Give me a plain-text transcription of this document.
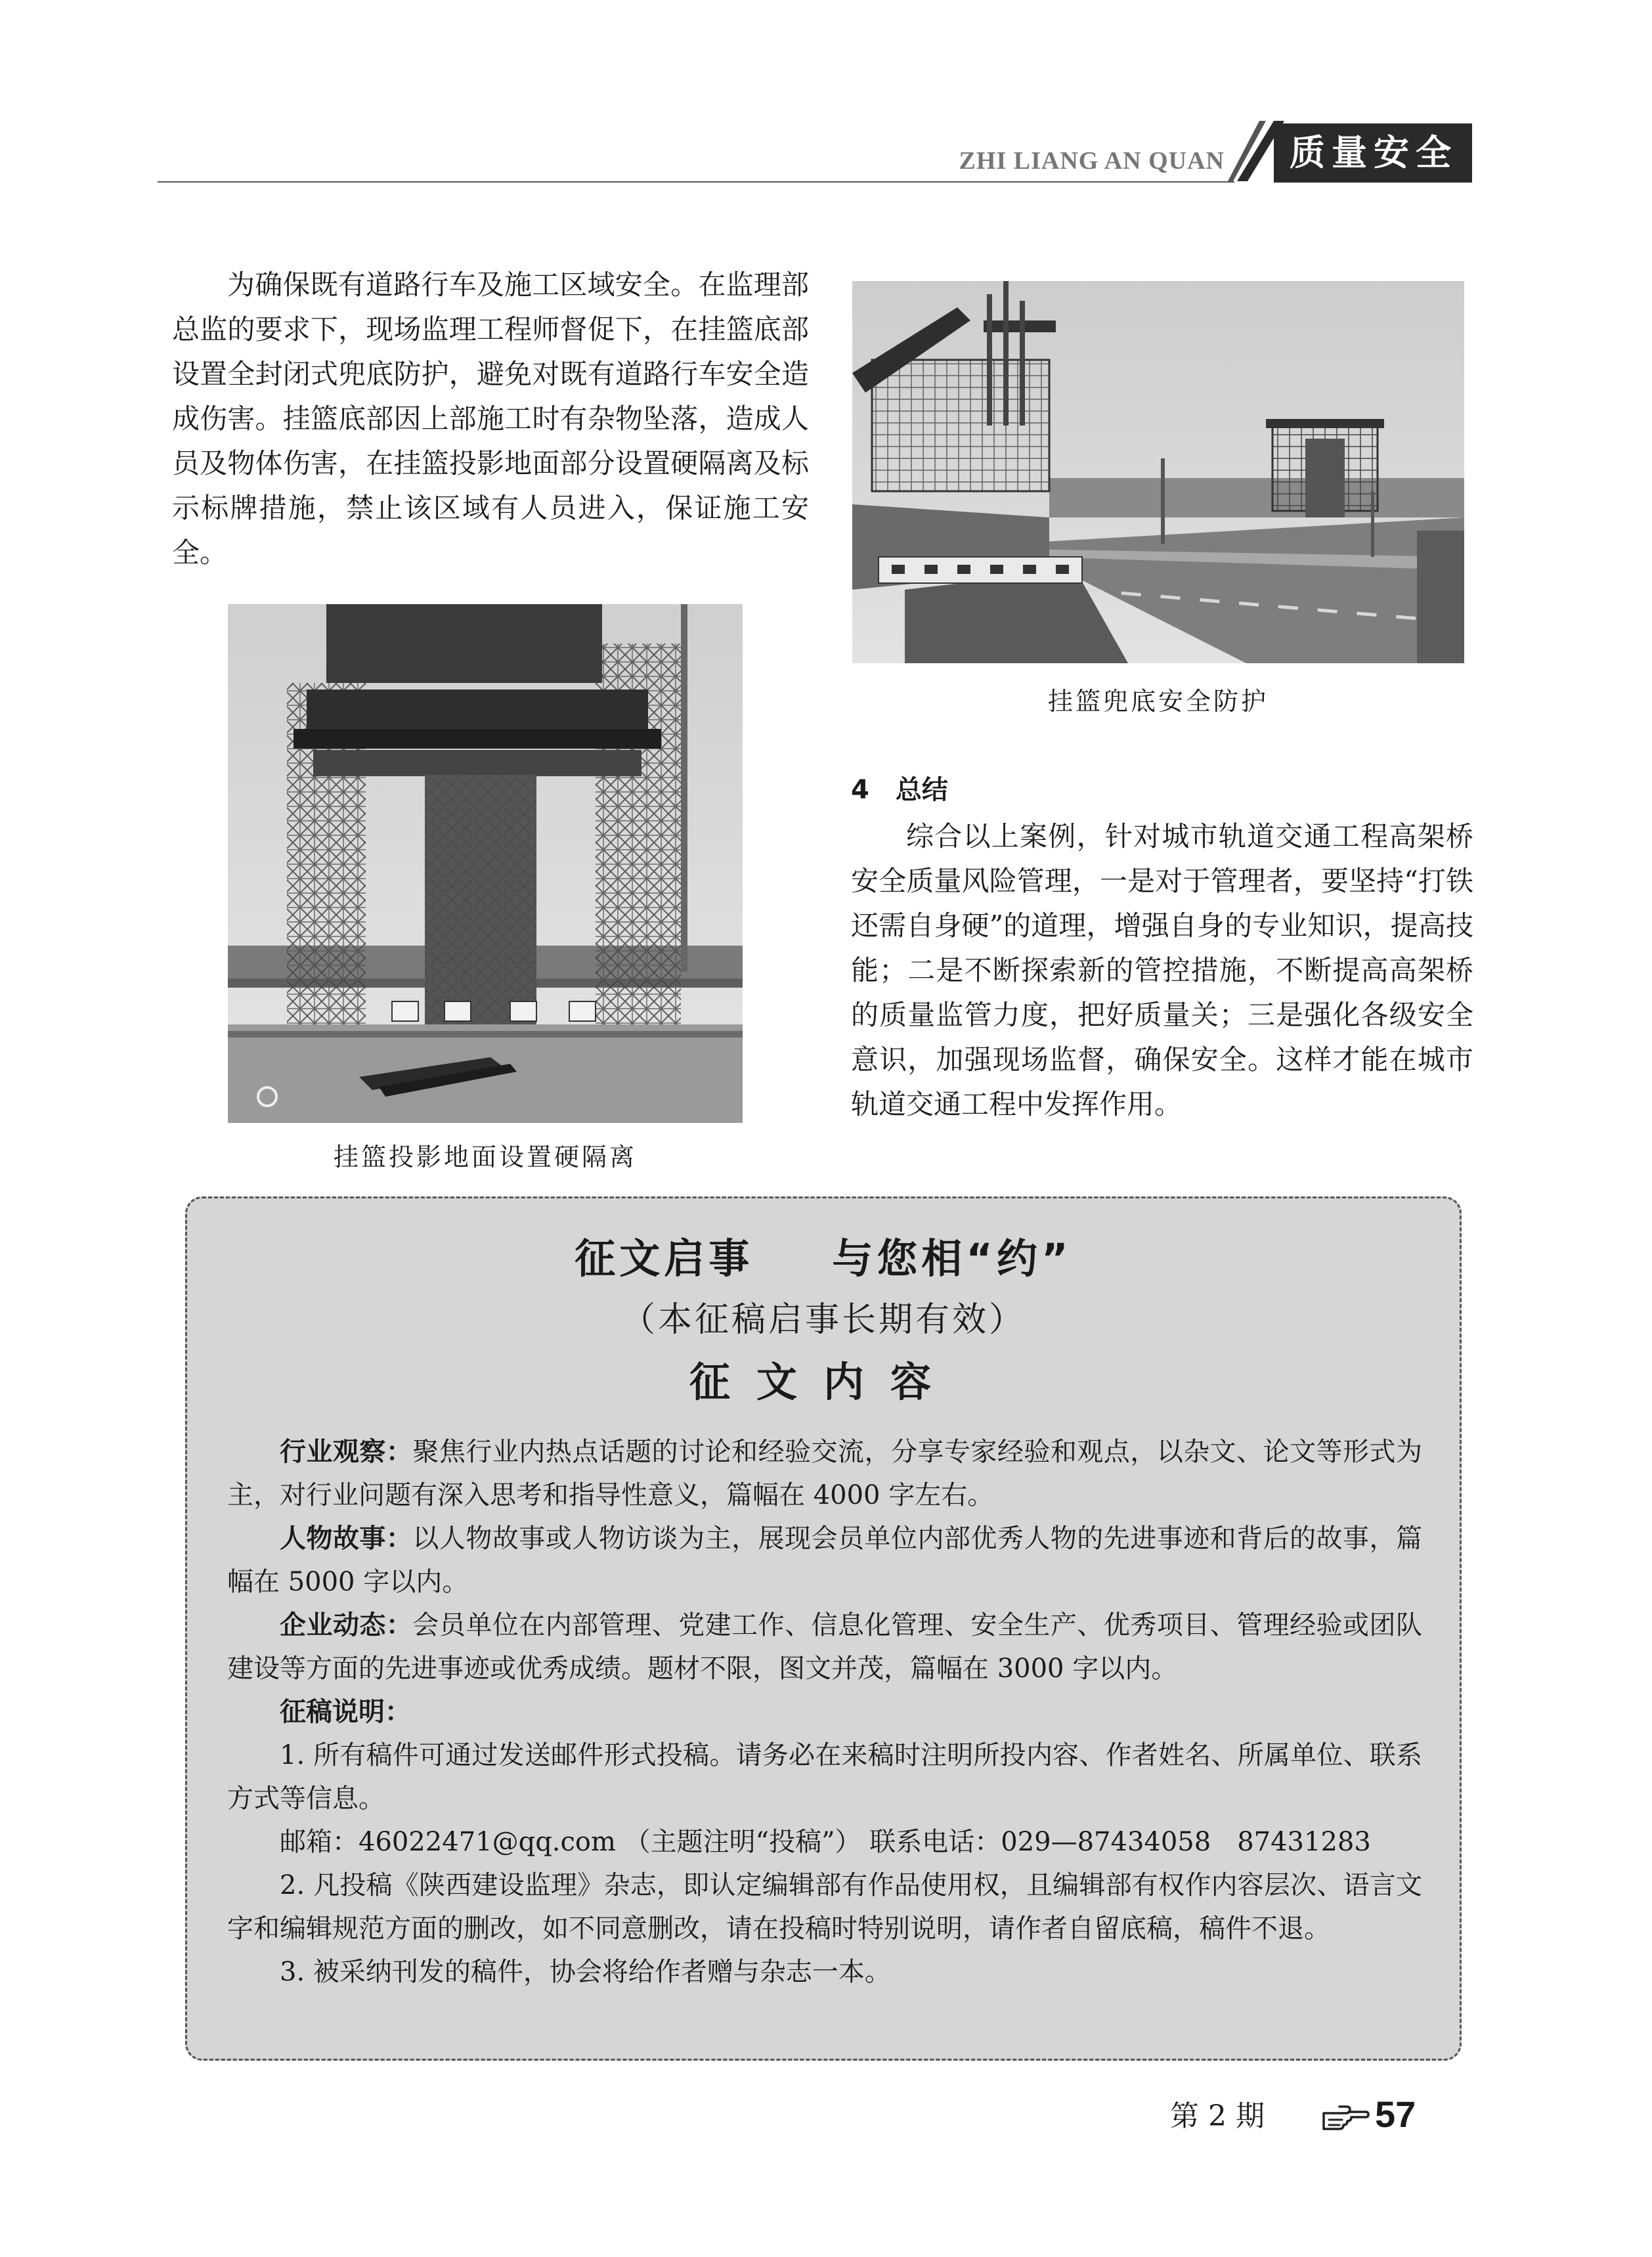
ZHI LIANG AN QUAN 质量安全

为确保既有道路行车及施工区域安全。在监理部总监的要求下，现场监理工程师督促下，在挂篮底部设置全封闭式兜底防护，避免对既有道路行车安全造成伤害。挂篮底部因上部施工时有杂物坠落，造成人员及物体伤害，在挂篮投影地面部分设置硬隔离及标示标牌措施，禁止该区域有人员进入，保证施工安全。

挂篮投影地面设置硬隔离
挂篮兜底安全防护
4　总结

综合以上案例，针对城市轨道交通工程高架桥安全质量风险管理，一是对于管理者，要坚持“打铁还需自身硬”的道理，增强自身的专业知识，提高技能；二是不断探索新的管控措施，不断提高高架桥的质量监管力度，把好质量关；三是强化各级安全意识，加强现场监督，确保安全。这样才能在城市轨道交通工程中发挥作用。

征文启事 与您相“约”
（本征稿启事长期有效）
征文内容

行业观察：聚焦行业内热点话题的讨论和经验交流，分享专家经验和观点，以杂文、论文等形式为主，对行业问题有深入思考和指导性意义，篇幅在 4000 字左右。

人物故事：以人物故事或人物访谈为主，展现会员单位内部优秀人物的先进事迹和背后的故事，篇幅在 5000 字以内。

企业动态：会员单位在内部管理、党建工作、信息化管理、安全生产、优秀项目、管理经验或团队建设等方面的先进事迹或优秀成绩。题材不限，图文并茂，篇幅在 3000 字以内。

征稿说明：

1. 所有稿件可通过发送邮件形式投稿。请务必在来稿时注明所投内容、作者姓名、所属单位、联系方式等信息。

邮箱：46022471@qq.com （主题注明“投稿”） 联系电话：029—87434058　87431283

2. 凡投稿《陕西建设监理》杂志，即认定编辑部有作品使用权，且编辑部有权作内容层次、语言文字和编辑规范方面的删改，如不同意删改，请在投稿时特别说明，请作者自留底稿，稿件不退。

3. 被采纳刊发的稿件，协会将给作者赠与杂志一本。

第 2 期	57
